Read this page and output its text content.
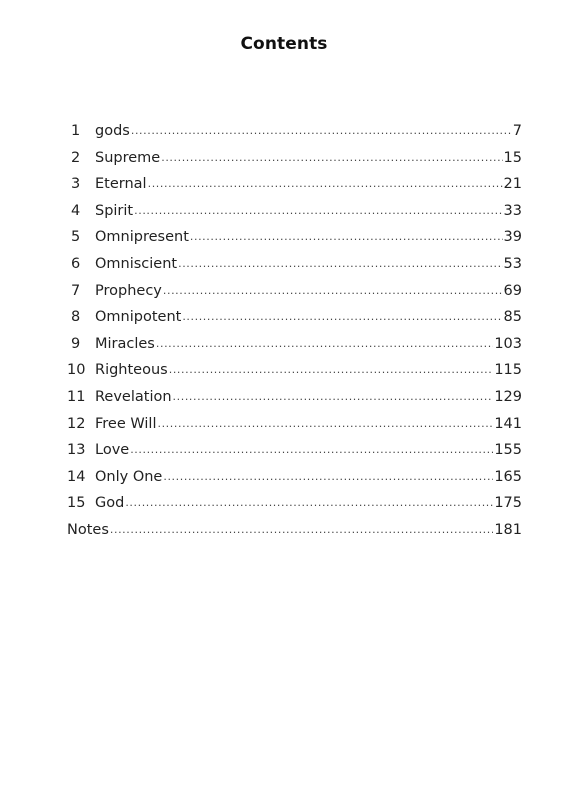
Contents
1	gods .....	7
2	Supreme .....	15
3	Eternal .....	21
4	Spirit .....	33
5	Omnipresent .....	39
6	Omniscient .....	53
7	Prophecy .....	69
8	Omnipotent .....	85
9	Miracles .....	103
10 Righteous .....	115
11 Revelation .....	129
12 Free Will .....	141
13 Love .....	155
14 Only One .....	165
15 God .....	175
Notes .....	181
